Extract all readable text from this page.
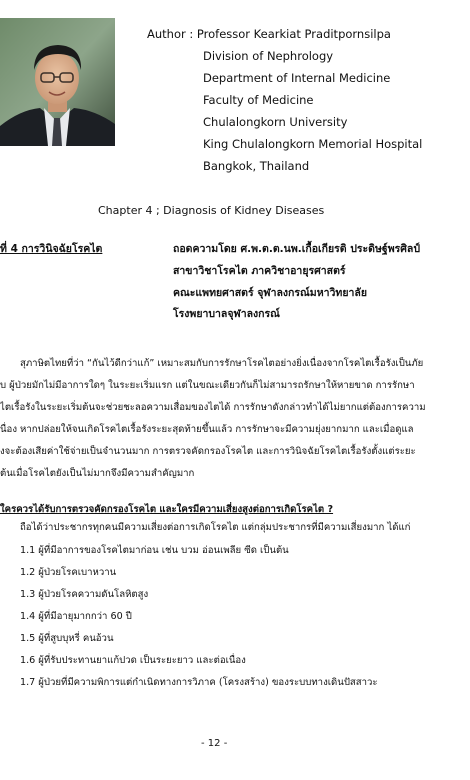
Author : Professor Kearkiat Praditpornsilpa
Division of Nephrology
Department of Internal Medicine
Faculty of Medicine
Chulalongkorn University
King Chulalongkorn Memorial Hospital
Bangkok, Thailand
Chapter 4 ; Diagnosis of Kidney Diseases
ที่ 4 การวินิจฉัยโรคไต	ถอดความโดย ศ.พ.ต.ต.นพ.เกื้อเกียรติ ประดิษฐ์พรศิลป์
สาขาวิชาโรคไต ภาควิชาอายุรศาสตร์
คณะแพทยศาสตร์ จุฬาลงกรณ์มหาวิทยาลัย
โรงพยาบาลจุฬาลงกรณ์
สุภาษิตไทยที่ว่า “กันไว้ดีกว่าแก้” เหมาะสมกับการรักษาโรคไตอย่างยิ่งเนื่องจากโรคไตเรื้อรังเป็นภัย
บ ผู้ป่วยมักไม่มีอาการใดๆ ในระยะเริ่มแรก แต่ในขณะเดียวกันก็ไม่สามารถรักษาให้หายขาด การรักษา
ไตเรื้อรังในระยะเริ่มต้นจะช่วยชะลอความเสื่อมของไตได้ การรักษาดังกล่าวทำได้ไม่ยากแต่ต้องการความ
นื่อง หากปล่อยให้จนเกิดโรคไตเรื้อรังระยะสุดท้ายขึ้นแล้ว การรักษาจะมีความยุ่งยากมาก และเมื่อดูแล
งจะต้องเสียค่าใช้จ่ายเป็นจำนวนมาก การตรวจคัดกรองโรคไต และการวินิจฉัยโรคไตเรื้อรังตั้งแต่ระยะ
ต้นเมื่อโรคไตยังเป็นไม่มากจึงมีความสำคัญมาก
ใครควรได้รับการตรวจคัดกรองโรคไต และใครมีความเสี่ยงสูงต่อการเกิดโรคไต ?
ถือได้ว่าประชากรทุกคนมีความเสี่ยงต่อการเกิดโรคไต แต่กลุ่มประชากรที่มีความเสี่ยงมาก ได้แก่
1.1 ผู้ที่มีอาการของโรคไตมาก่อน เช่น บวม อ่อนเพลีย ซีด เป็นต้น
1.2 ผู้ป่วยโรคเบาหวาน
1.3 ผู้ป่วยโรคความดันโลหิตสูง
1.4 ผู้ที่มีอายุมากกว่า 60 ปี
1.5 ผู้ที่สูบบุหรี่ คนอ้วน
1.6 ผู้ที่รับประทานยาแก้ปวด เป็นระยะยาว และต่อเนื่อง
1.7 ผู้ป่วยที่มีความพิการแต่กำเนิดทางการวิภาค (โครงสร้าง) ของระบบทางเดินปัสสาวะ
- 12 -
